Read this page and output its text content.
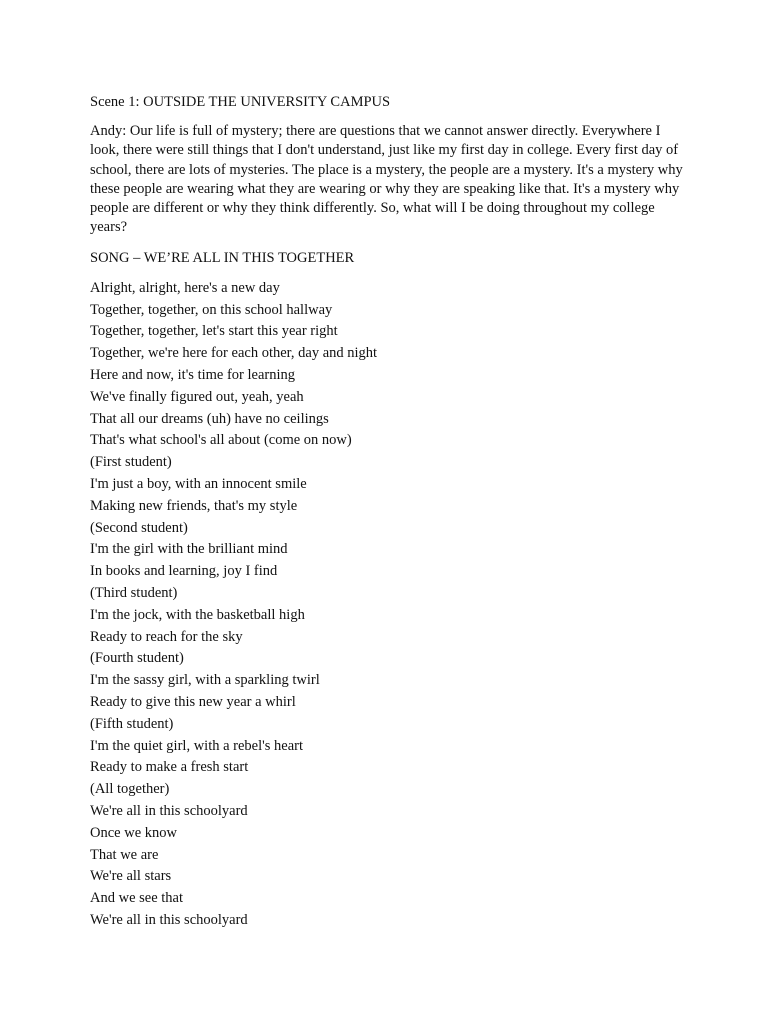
Scene 1: OUTSIDE THE UNIVERSITY CAMPUS

Andy: Our life is full of mystery; there are questions that we cannot answer directly. Everywhere I look, there were still things that I don't understand, just like my first day in college. Every first day of school, there are lots of mysteries. The place is a mystery, the people are a mystery. It's a mystery why these people are wearing what they are wearing or why they are speaking like that. It's a mystery why people are different or why they think differently. So, what will I be doing throughout my college years?

SONG – WE’RE ALL IN THIS TOGETHER

Alright, alright, here's a new day
Together, together, on this school hallway
Together, together, let's start this year right
Together, we're here for each other, day and night
Here and now, it's time for learning
We've finally figured out, yeah, yeah
That all our dreams (uh) have no ceilings
That's what school's all about (come on now)
(First student)
I'm just a boy, with an innocent smile
Making new friends, that's my style
(Second student)
I'm the girl with the brilliant mind
In books and learning, joy I find
(Third student)
I'm the jock, with the basketball high
Ready to reach for the sky
(Fourth student)
I'm the sassy girl, with a sparkling twirl
Ready to give this new year a whirl
(Fifth student)
I'm the quiet girl, with a rebel's heart
Ready to make a fresh start
(All together)
We're all in this schoolyard
Once we know
That we are
We're all stars
And we see that
We're all in this schoolyard
